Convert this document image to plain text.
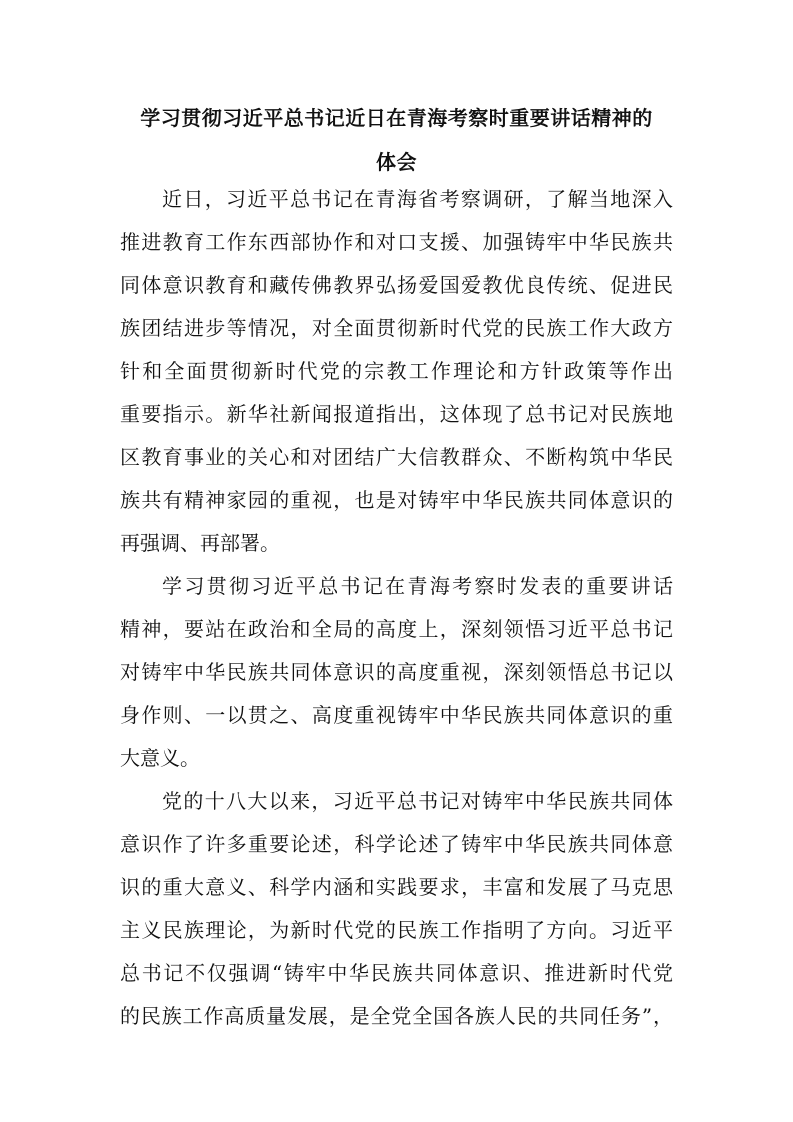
学习贯彻习近平总书记近日在青海考察时重要讲话精神的
体会

近日，习近平总书记在青海省考察调研，了解当地深入

推进教育工作东西部协作和对口支援、加强铸牢中华民族共

同体意识教育和藏传佛教界弘扬爱国爱教优良传统、促进民

族团结进步等情况，对全面贯彻新时代党的民族工作大政方

针和全面贯彻新时代党的宗教工作理论和方针政策等作出

重要指示。新华社新闻报道指出，这体现了总书记对民族地

区教育事业的关心和对团结广大信教群众、不断构筑中华民

族共有精神家园的重视，也是对铸牢中华民族共同体意识的

再强调、再部署。

学习贯彻习近平总书记在青海考察时发表的重要讲话

精神，要站在政治和全局的高度上，深刻领悟习近平总书记

对铸牢中华民族共同体意识的高度重视，深刻领悟总书记以

身作则、一以贯之、高度重视铸牢中华民族共同体意识的重

大意义。

党的十八大以来，习近平总书记对铸牢中华民族共同体

意识作了许多重要论述，科学论述了铸牢中华民族共同体意

识的重大意义、科学内涵和实践要求，丰富和发展了马克思

主义民族理论，为新时代党的民族工作指明了方向。习近平

总书记不仅强调“铸牢中华民族共同体意识、推进新时代党

的民族工作高质量发展，是全党全国各族人民的共同任务”，
